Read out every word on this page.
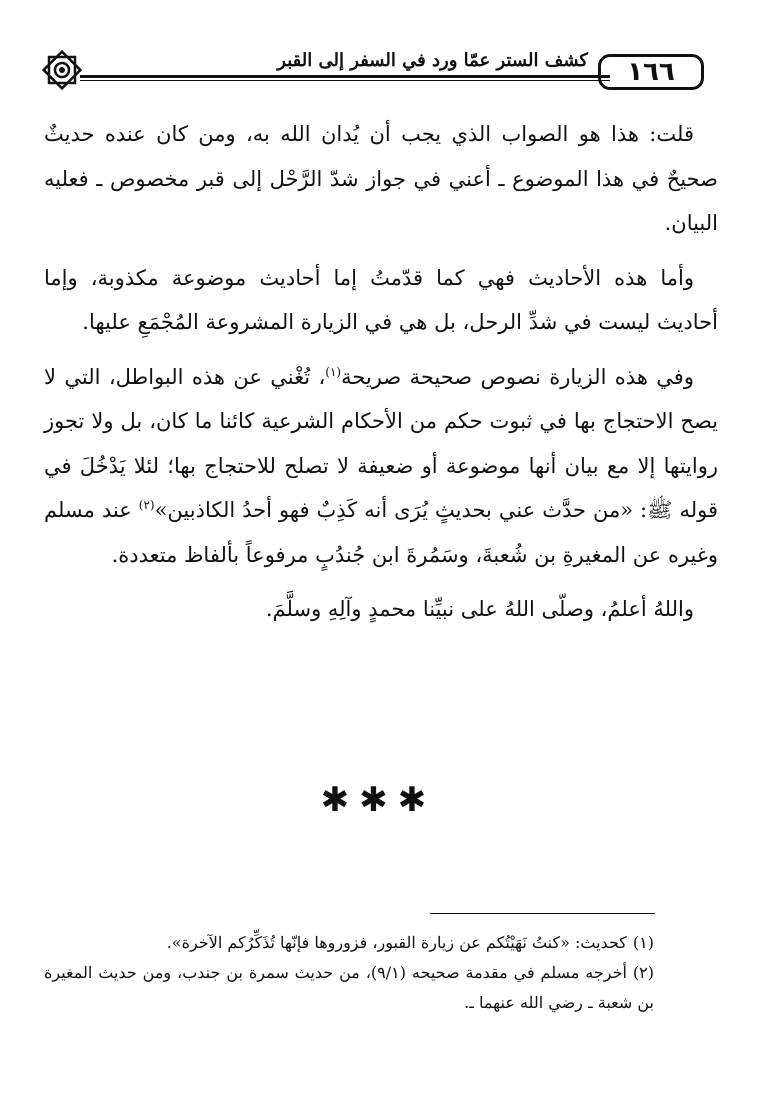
١٦٦
كشف الستر عمّا ورد في السفر إلى القبر

قلت: هذا هو الصواب الذي يجب أن يُدان الله به، ومن كان عنده حديثٌ صحيحٌ في هذا الموضوع ـ أعني في جواز شدّ الرَّحْل إلى قبر مخصوص ـ فعليه البيان.

وأما هذه الأحاديث فهي كما قدّمتُ إما أحاديث موضوعة مكذوبة، وإما أحاديث ليست في شدِّ الرحل، بل هي في الزيارة المشروعة المُجْمَعِ عليها.

وفي هذه الزيارة نصوص صحيحة صريحة$^{(١)}$، تُغْني عن هذه البواطل، التي لا يصح الاحتجاج بها في ثبوت حكم من الأحكام الشرعية كائنا ما كان، بل ولا تجوز روايتها إلا مع بيان أنها موضوعة أو ضعيفة لا تصلح للاحتجاج بها؛ لئلا يَدْخُلَ في قوله ﷺ: «من حدَّث عني بحديثٍ يُرَى أنه كَذِبٌ فهو أحدُ الكاذبين»$^{(٢)}$ عند مسلم وغيره عن المغيرةِ بن شُعبةَ، وسَمُرةَ ابن جُندُبٍ مرفوعاً بألفاظ متعددة.

واللهُ أعلمُ، وصلّى اللهُ على نبيِّنا محمدٍ وآلِهِ وسلَّمَ.

✱✱✱

(١)كحديث: «كنتُ نَهَيْتُكم عن زيارة القبور، فزوروها فإنّها تُذَكِّرُكم الآخرة».

(٢)أخرجه مسلم في مقدمة صحيحه (٩/١)، من حديث سمرة بن جندب، ومن حديث المغيرة بن شعبة ـ رضي الله عنهما ـ.
